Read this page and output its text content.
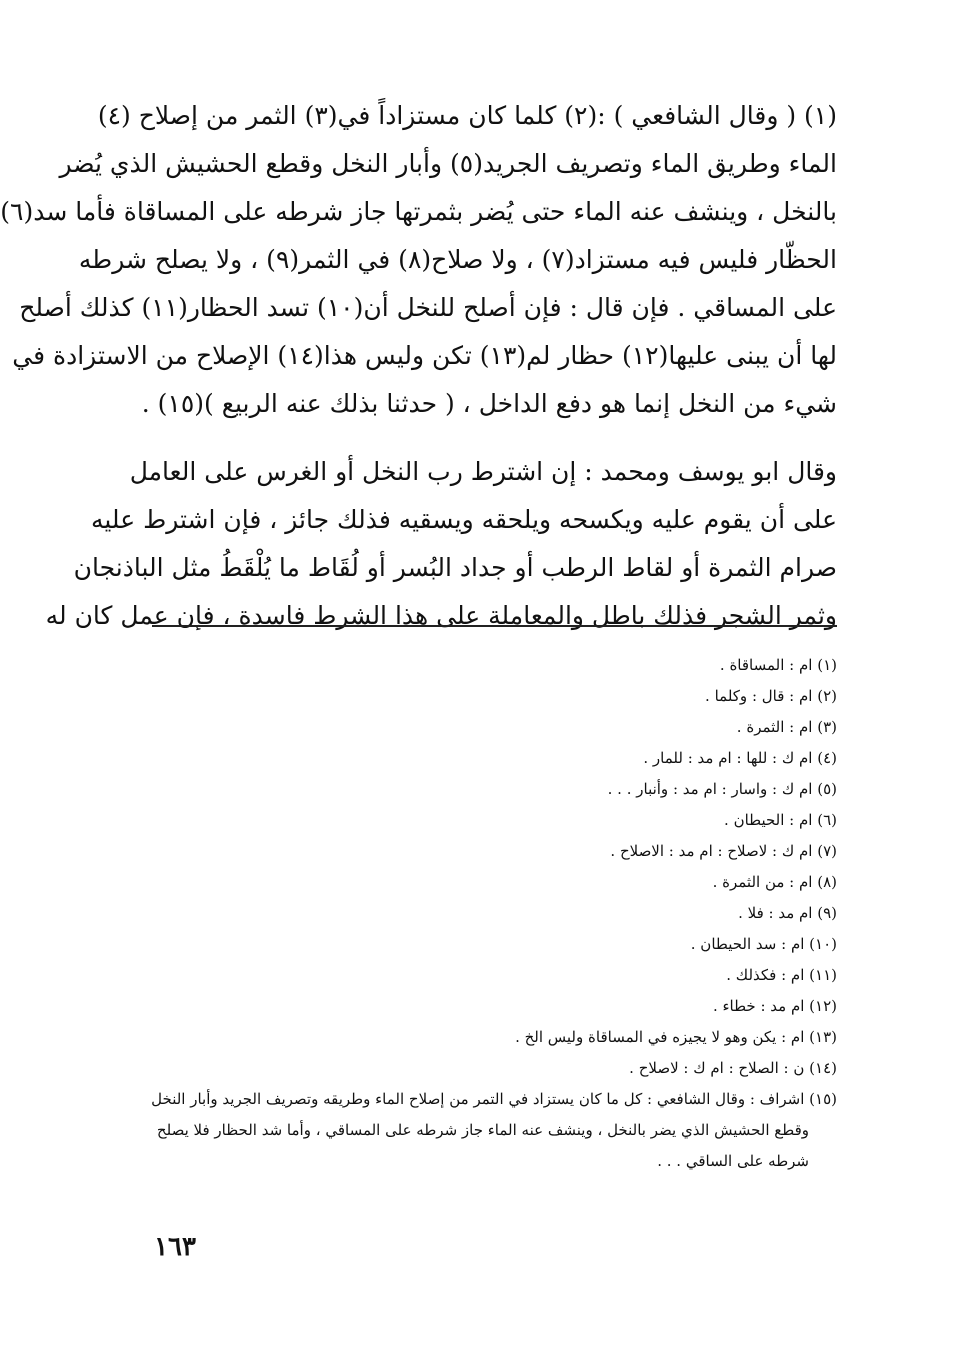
(١) ( وقال الشافعي ) :(٢) كلما كان مستزاداً في(٣) الثمر من إصلاح (٤)
الماء وطريق الماء وتصريف الجريد(٥) وأبار النخل وقطع الحشيش الذي يُضر
بالنخل ، وينشف عنه الماء حتى يُضر بثمرتها جاز شرطه على المساقاة فأما سد(٦)
الحظّار فليس فيه مستزاد(٧) ، ولا صلاح(٨) في الثمر(٩) ، ولا يصلح شرطه
على المساقي . فإن قال : فإن أصلح للنخل أن(١٠) تسد الحظار(١١) كذلك أصلح
لها أن يبنى عليها(١٢) حظار لم(١٣) تكن وليس هذا(١٤) الإصلاح من الاستزادة في
شيء من النخل إنما هو دفع الداخل ، ( حدثنا بذلك عنه الربيع )(١٥) .
وقال ابو يوسف ومحمد : إن اشترط رب النخل أو الغرس على العامل
على أن يقوم عليه ويكسحه ويلحقه ويسقيه فذلك جائز ، فإن اشترط عليه
صرام الثمرة أو لقاط الرطب أو جداد البُسر أو لُقَاط ما يُلْقَطُ مثل الباذنجان
وثمر الشجر فذلك باطل والمعاملة على هذا الشرط فاسدة ، فإن عمل كان له
(١) ام : المساقاة .
(٢) ام : قال : وكلما .
(٣) ام : الثمرة .
(٤) ام ك : للها : ام مد : للمار .
(٥) ام ك : واسار : ام مد : وأنبار . . .
(٦) ام : الحيطان .
(٧) ام ك : لاصلاح : ام مد : الاصلاح .
(٨) ام : من الثمرة .
(٩) ام مد : فلا .
(١٠) ام : سد الحيطان .
(١١) ام : فكذلك .
(١٢) ام مد : خطاء .
(١٣) ام : يكن وهو لا يجيزه في المساقاة وليس الخ .
(١٤) ن : الصلاح : ام ك : لاصلاح .
(١٥) اشراف : وقال الشافعي : كل ما كان يستزاد في التمر من إصلاح الماء وطريقه وتصريف الجريد وأبار النخل
وقطع الحشيش الذي يضر بالنخل ، وينشف عنه الماء جاز شرطه على المساقي ، وأما شد الحظار فلا يصلح
شرطه على الساقي . . .
١٦٣
